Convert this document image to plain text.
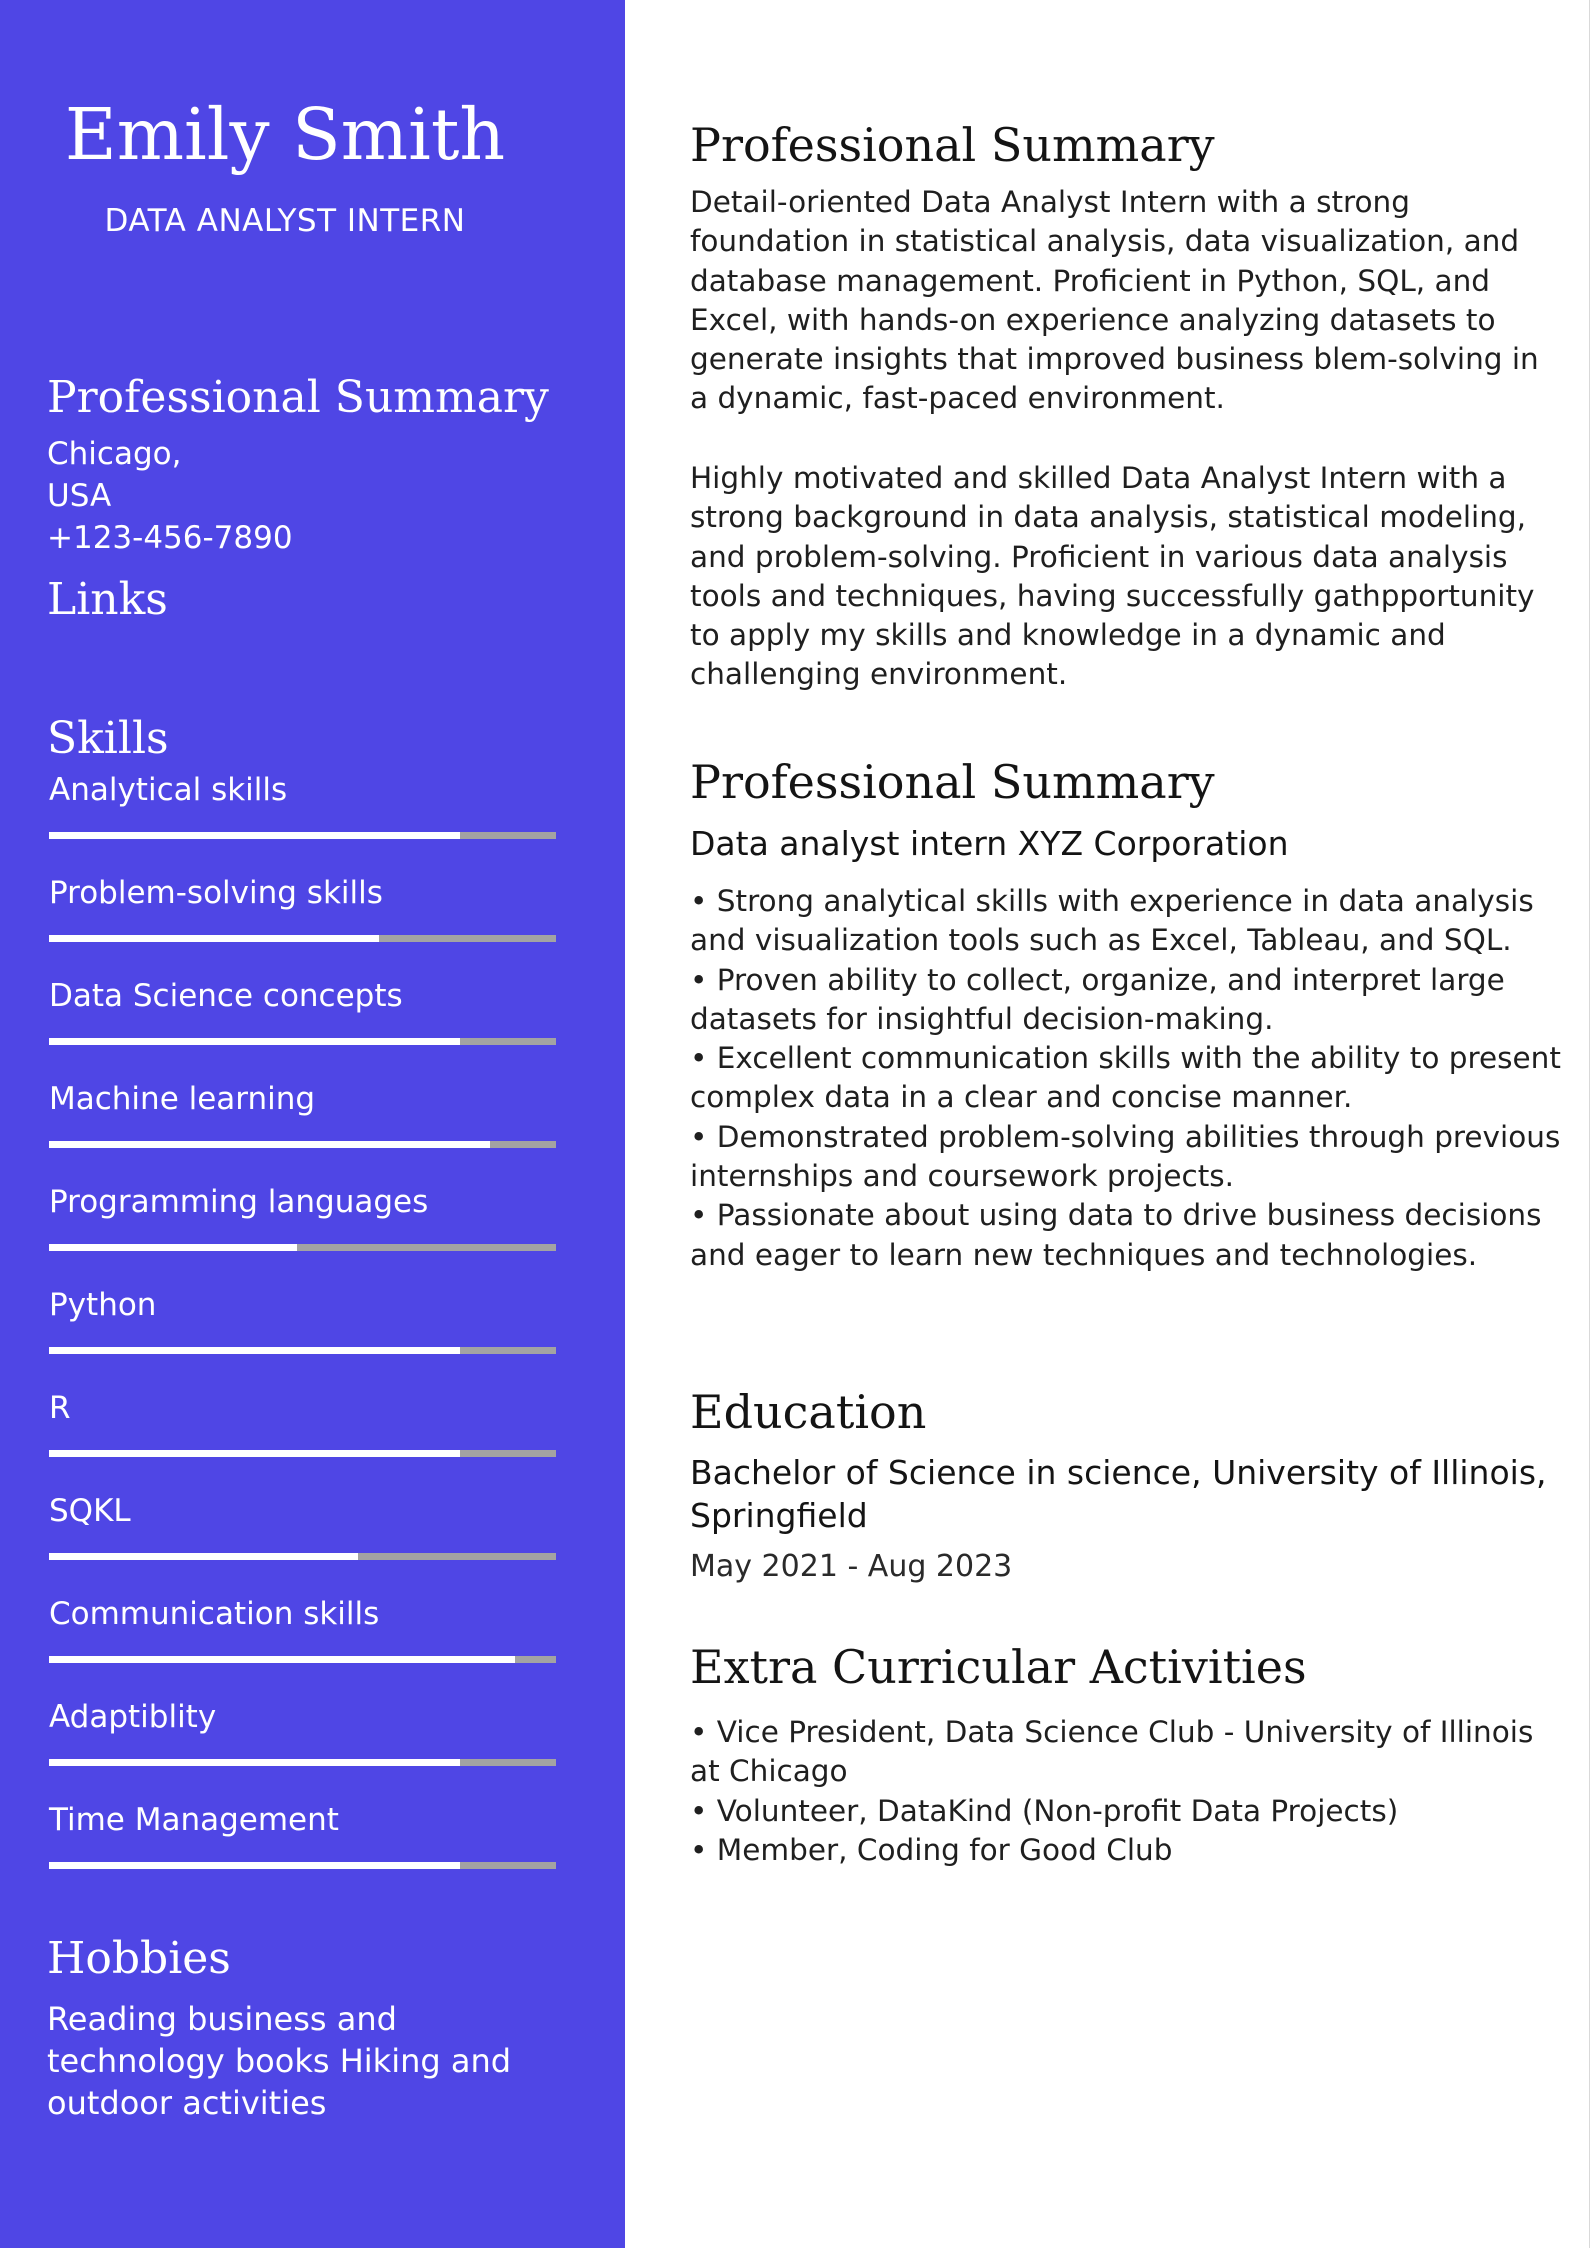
Emily Smith
DATA ANALYST INTERN
Professional Summary
Chicago,
USA
+123-456-7890
Links
Skills
Analytical skills
Problem-solving skills
Data Science concepts
Machine learning
Programming languages
Python
R
SQKL
Communication skills
Adaptiblity
Time Management
Hobbies
Reading business and technology books Hiking and outdoor activities
Professional Summary
Detail-oriented Data Analyst Intern with a strong foundation in statistical analysis, data visualization, and database management. Proficient in Python, SQL, and Excel, with hands-on experience analyzing datasets to generate insights that improved business blem-solving in a dynamic, fast-paced environment.
Highly motivated and skilled Data Analyst Intern with a strong background in data analysis, statistical modeling, and problem-solving. Proficient in various data analysis tools and techniques, having successfully gathpportunity to apply my skills and knowledge in a dynamic and challenging environment.
Professional Summary
Data analyst intern XYZ Corporation
• Strong analytical skills with experience in data analysis and visualization tools such as Excel, Tableau, and SQL.
• Proven ability to collect, organize, and interpret large datasets for insightful decision-making.
• Excellent communication skills with the ability to present complex data in a clear and concise manner.
• Demonstrated problem-solving abilities through previous internships and coursework projects.
• Passionate about using data to drive business decisions and eager to learn new techniques and technologies.
Education
Bachelor of Science in science, University of Illinois, Springfield
May 2021 - Aug 2023
Extra Curricular Activities
• Vice President, Data Science Club - University of Illinois at Chicago
• Volunteer, DataKind (Non-profit Data Projects)
• Member, Coding for Good Club
